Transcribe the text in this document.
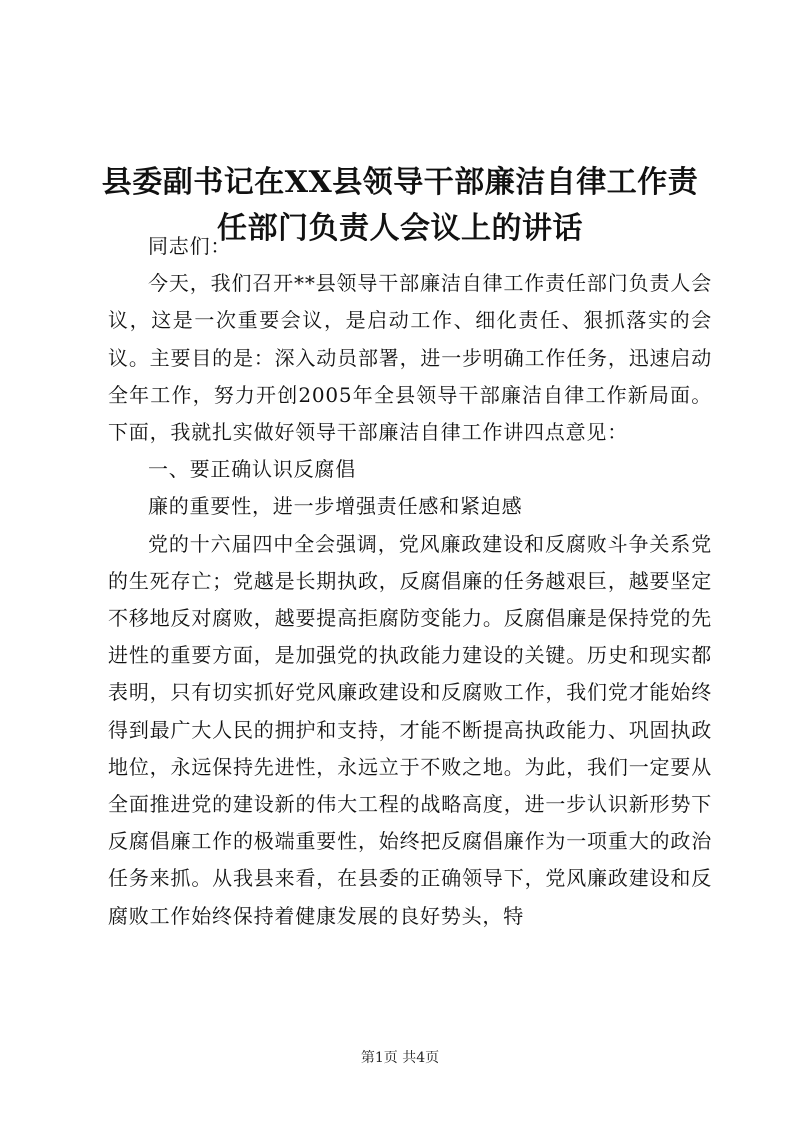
县委副书记在XX县领导干部廉洁自律工作责任部门负责人会议上的讲话

同志们：

今天，我们召开**县领导干部廉洁自律工作责任部门负责人会议，这是一次重要会议，是启动工作、细化责任、狠抓落实的会议。主要目的是：深入动员部署，进一步明确工作任务，迅速启动全年工作，努力开创2005年全县领导干部廉洁自律工作新局面。下面，我就扎实做好领导干部廉洁自律工作讲四点意见：

一、要正确认识反腐倡

廉的重要性，进一步增强责任感和紧迫感

党的十六届四中全会强调，党风廉政建设和反腐败斗争关系党的生死存亡；党越是长期执政，反腐倡廉的任务越艰巨，越要坚定不移地反对腐败，越要提高拒腐防变能力。反腐倡廉是保持党的先进性的重要方面，是加强党的执政能力建设的关键。历史和现实都表明，只有切实抓好党风廉政建设和反腐败工作，我们党才能始终得到最广大人民的拥护和支持，才能不断提高执政能力、巩固执政地位，永远保持先进性，永远立于不败之地。为此，我们一定要从全面推进党的建设新的伟大工程的战略高度，进一步认识新形势下反腐倡廉工作的极端重要性，始终把反腐倡廉作为一项重大的政治任务来抓。从我县来看，在县委的正确领导下，党风廉政建设和反腐败工作始终保持着健康发展的良好势头，特

第1页 共4页
